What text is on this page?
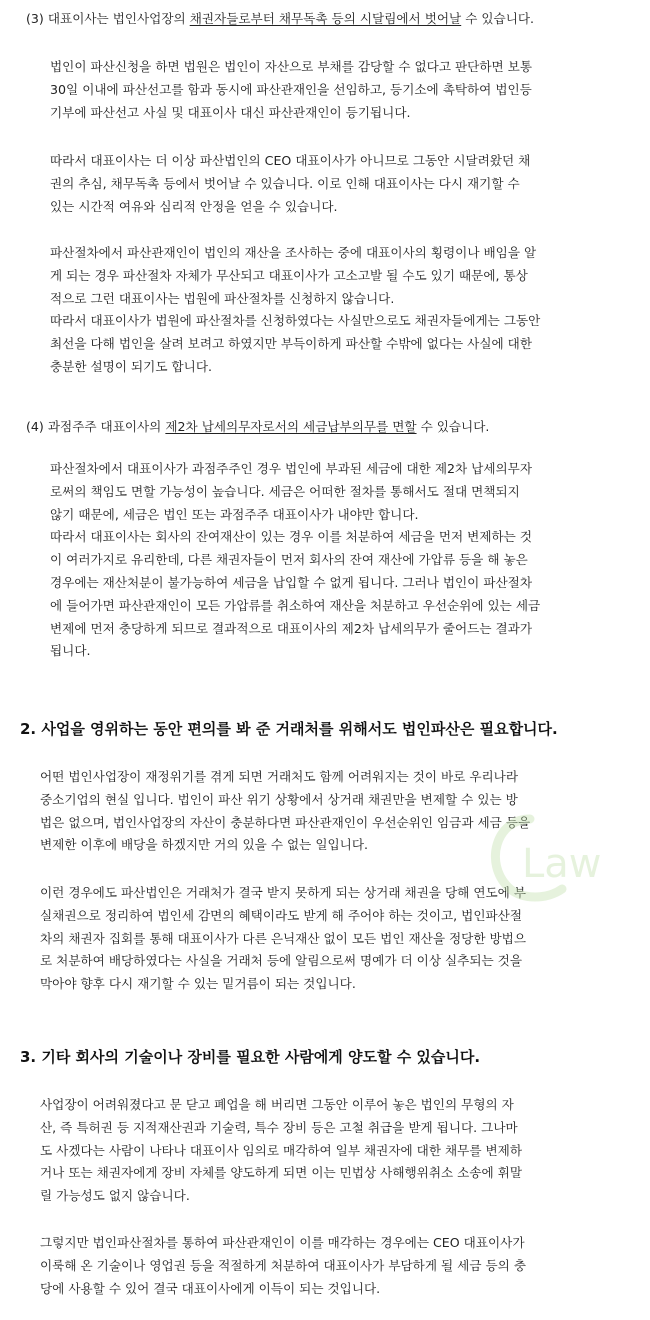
(3) 대표이사는 법인사업장의 채권자들로부터 채무독촉 등의 시달림에서 벗어날 수 있습니다.
법인이 파산신청을 하면 법원은 법인이 자산으로 부채를 감당할 수 없다고 판단하면 보통
30일 이내에 파산선고를 함과 동시에 파산관재인을 선임하고, 등기소에 촉탁하여 법인등
기부에 파산선고 사실 및 대표이사 대신 파산관재인이 등기됩니다.
따라서 대표이사는 더 이상 파산법인의 CEO 대표이사가 아니므로 그동안 시달려왔던 채
권의 추심, 채무독촉 등에서 벗어날 수 있습니다. 이로 인해 대표이사는 다시 재기할 수
있는 시간적 여유와 심리적 안정을 얻을 수 있습니다.
파산절차에서 파산관재인이 법인의 재산을 조사하는 중에 대표이사의 횡령이나 배임을 알
게 되는 경우 파산절차 자체가 무산되고 대표이사가 고소고발 될 수도 있기 때문에, 통상
적으로 그런 대표이사는 법원에 파산절차를 신청하지 않습니다.
따라서 대표이사가 법원에 파산절차를 신청하였다는 사실만으로도 채권자들에게는 그동안
최선을 다해 법인을 살려 보려고 하였지만 부득이하게 파산할 수밖에 없다는 사실에 대한
충분한 설명이 되기도 합니다.
(4) 과점주주 대표이사의 제2차 납세의무자로서의 세금납부의무를 면할 수 있습니다.
파산절차에서 대표이사가 과점주주인 경우 법인에 부과된 세금에 대한 제2차 납세의무자
로써의 책임도 면할 가능성이 높습니다. 세금은 어떠한 절차를 통해서도 절대 면책되지
않기 때문에, 세금은 법인 또는 과점주주 대표이사가 내야만 합니다.
따라서 대표이사는 회사의 잔여재산이 있는 경우 이를 처분하여 세금을 먼저 변제하는 것
이 여러가지로 유리한데, 다른 채권자들이 먼저 회사의 잔여 재산에 가압류 등을 해 놓은
경우에는 재산처분이 불가능하여 세금을 납입할 수 없게 됩니다. 그러나 법인이 파산절차
에 들어가면 파산관재인이 모든 가압류를 취소하여 재산을 처분하고 우선순위에 있는 세금
변제에 먼저 충당하게 되므로 결과적으로 대표이사의 제2차 납세의무가 줄어드는 결과가
됩니다.
2. 사업을 영위하는 동안 편의를 봐 준 거래처를 위해서도 법인파산은 필요합니다.
어떤 법인사업장이 재정위기를 겪게 되면 거래처도 함께 어려워지는 것이 바로 우리나라
중소기업의 현실 입니다. 법인이 파산 위기 상황에서 상거래 채권만을 변제할 수 있는 방
법은 없으며, 법인사업장의 자산이 충분하다면 파산관재인이 우선순위인 임금과 세금 등을
변제한 이후에 배당을 하겠지만 거의 있을 수 없는 일입니다.
이런 경우에도 파산법인은 거래처가 결국 받지 못하게 되는 상거래 채권을 당해 연도에 부
실채권으로 정리하여 법인세 감면의 혜택이라도 받게 해 주어야 하는 것이고, 법인파산절
차의 채권자 집회를 통해 대표이사가 다른 은닉재산 없이 모든 법인 재산을 정당한 방법으
로 처분하여 배당하였다는 사실을 거래처 등에 알림으로써 명예가 더 이상 실추되는 것을
막아야 향후 다시 재기할 수 있는 밑거름이 되는 것입니다.
Law
3. 기타 회사의 기술이나 장비를 필요한 사람에게 양도할 수 있습니다.
사업장이 어려워졌다고 문 닫고 폐업을 해 버리면 그동안 이루어 놓은 법인의 무형의 자
산, 즉 특허권 등 지적재산권과 기술력, 특수 장비 등은 고철 취급을 받게 됩니다. 그나마
도 사겠다는 사람이 나타나 대표이사 임의로 매각하여 일부 채권자에 대한 채무를 변제하
거나 또는 채권자에게 장비 자체를 양도하게 되면 이는 민법상 사해행위취소 소송에 휘말
릴 가능성도 없지 않습니다.
그렇지만 법인파산절차를 통하여 파산관재인이 이를 매각하는 경우에는 CEO 대표이사가
이룩해 온 기술이나 영업권 등을 적절하게 처분하여 대표이사가 부담하게 될 세금 등의 충
당에 사용할 수 있어 결국 대표이사에게 이득이 되는 것입니다.
